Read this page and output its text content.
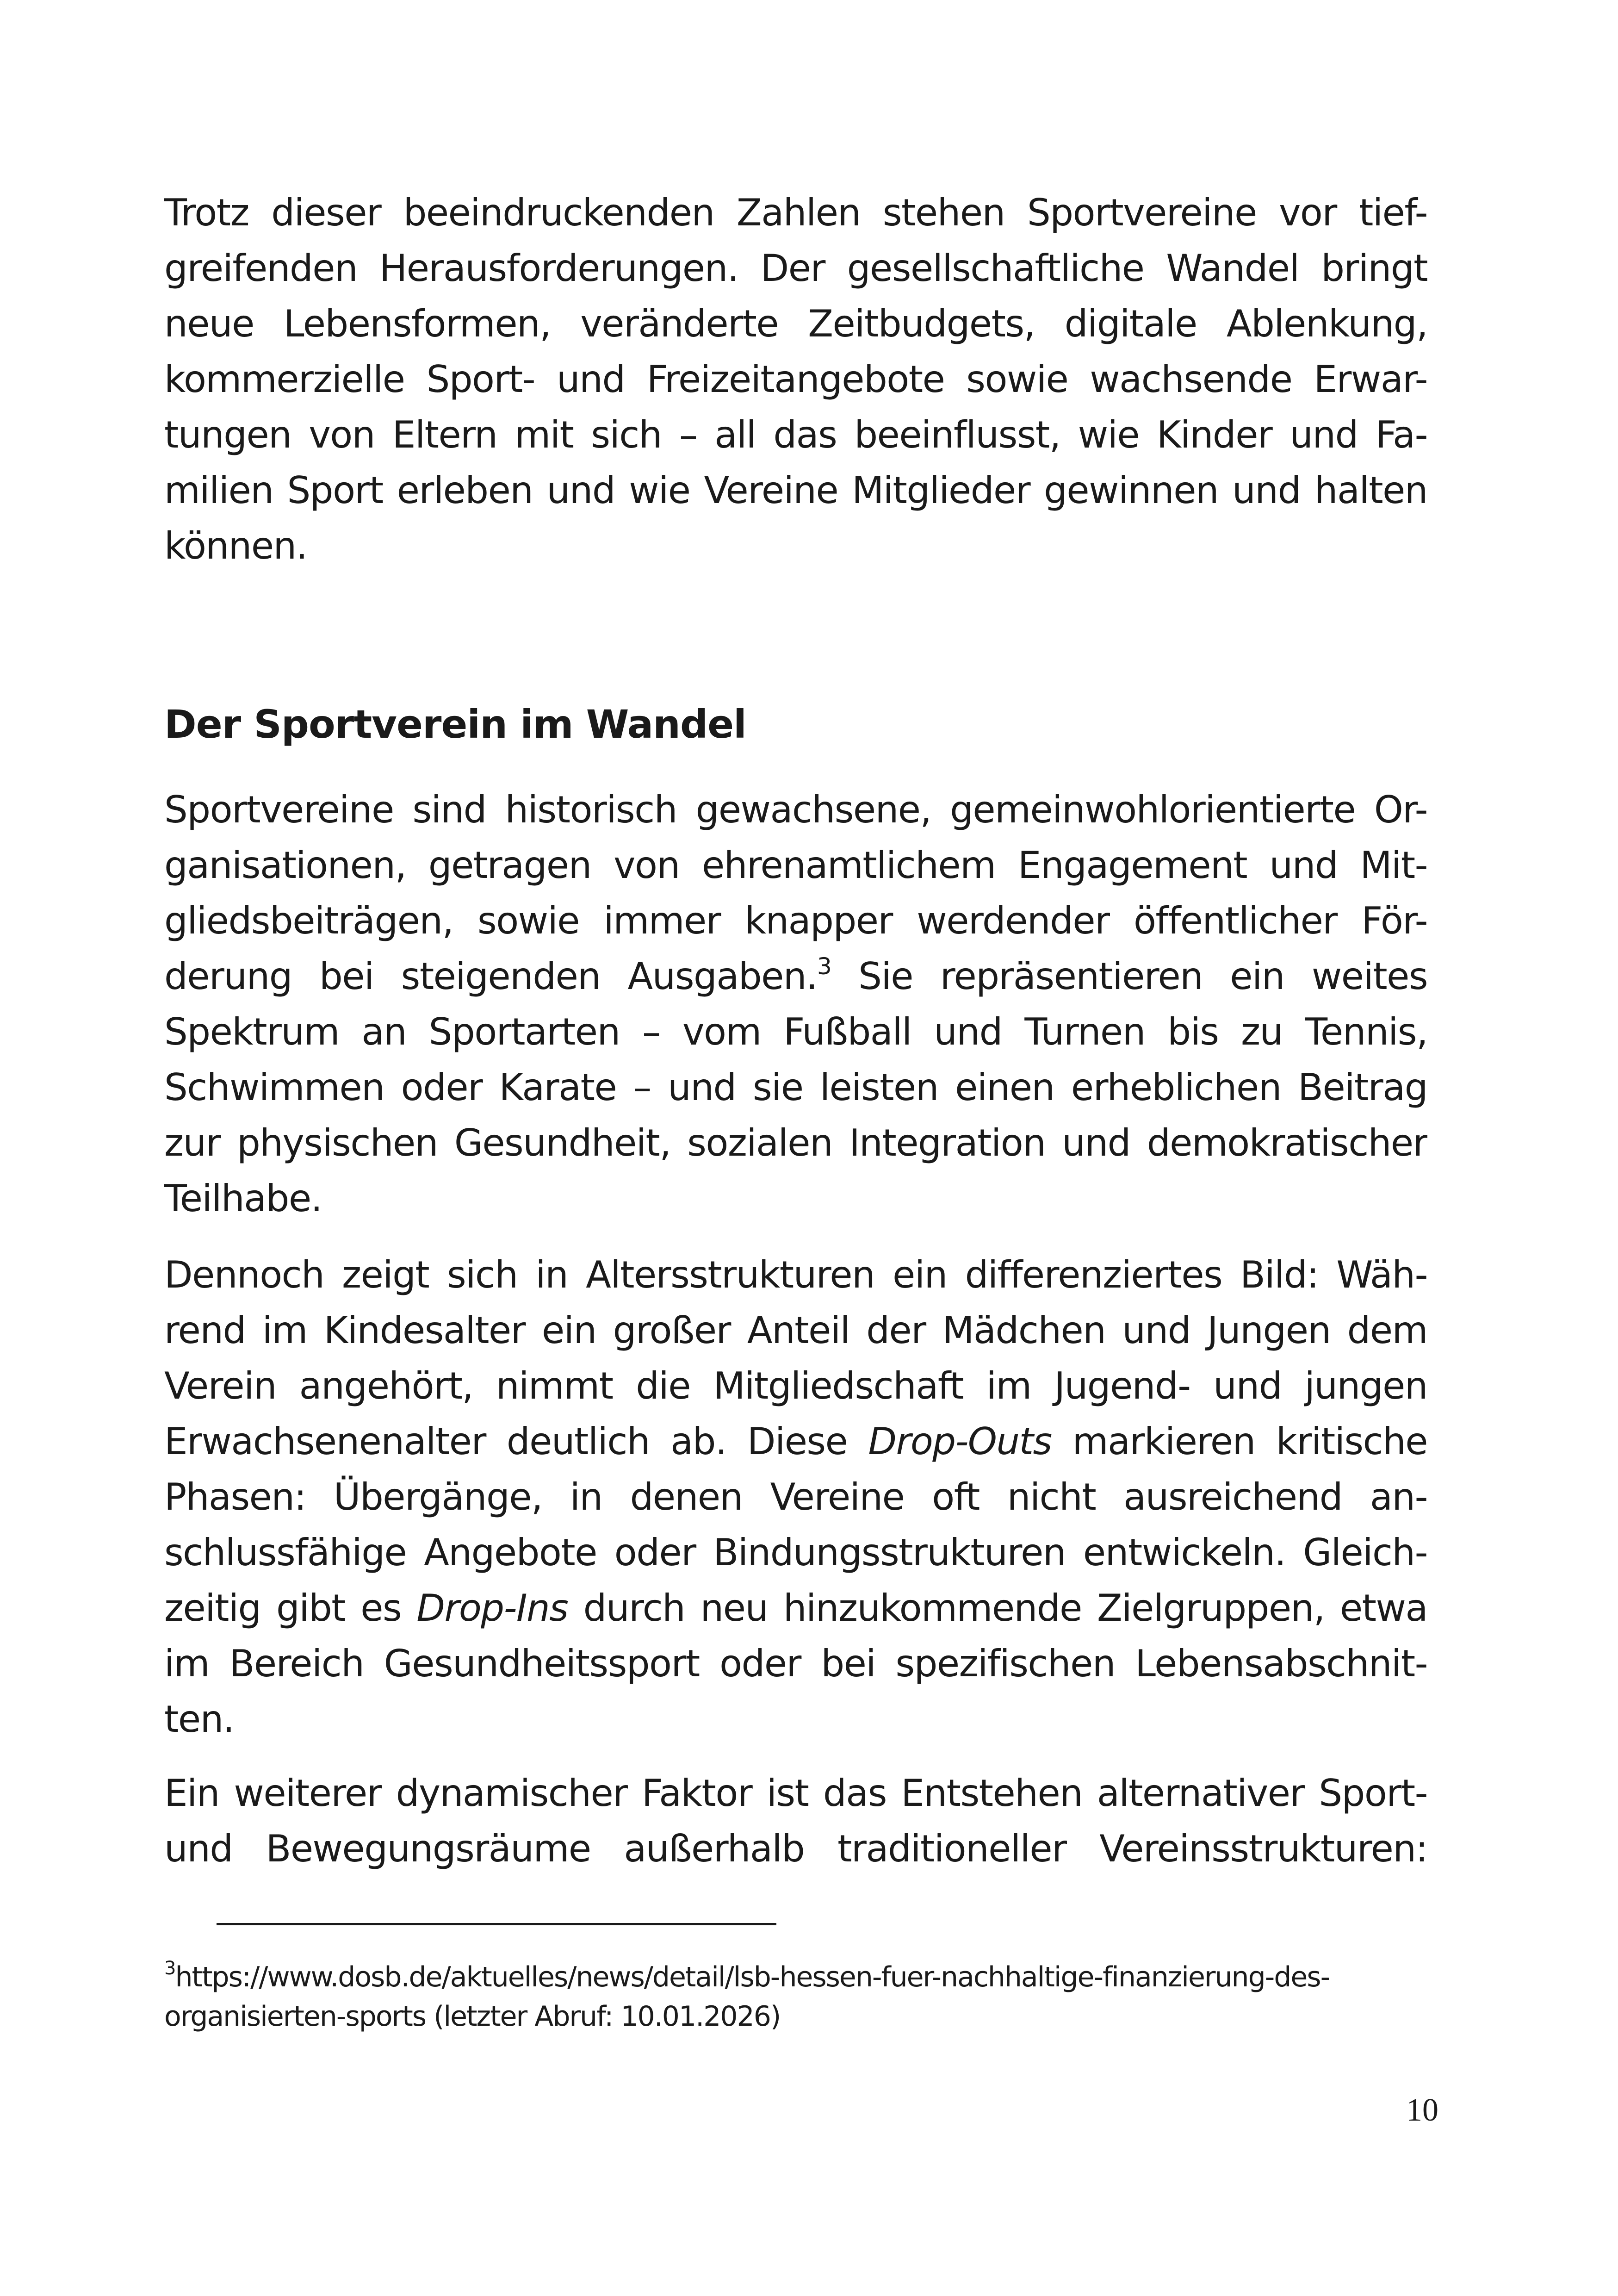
Trotz dieser beeindruckenden Zahlen stehen Sportvereine vor tief-
greifenden Herausforderungen. Der gesellschaftliche Wandel bringt
neue Lebensformen, veränderte Zeitbudgets, digitale Ablenkung,
kommerzielle Sport- und Freizeitangebote sowie wachsende Erwar-
tungen von Eltern mit sich – all das beeinflusst, wie Kinder und Fa-
milien Sport erleben und wie Vereine Mitglieder gewinnen und halten
können.
Der Sportverein im Wandel
Sportvereine sind historisch gewachsene, gemeinwohlorientierte Or-
ganisationen, getragen von ehrenamtlichem Engagement und Mit-
gliedsbeiträgen, sowie immer knapper werdender öffentlicher För-
derung bei steigenden Ausgaben.$^3$ Sie repräsentieren ein weites
Spektrum an Sportarten – vom Fußball und Turnen bis zu Tennis,
Schwimmen oder Karate – und sie leisten einen erheblichen Beitrag
zur physischen Gesundheit, sozialen Integration und demokratischer
Teilhabe.
Dennoch zeigt sich in Altersstrukturen ein differenziertes Bild: Wäh-
rend im Kindesalter ein großer Anteil der Mädchen und Jungen dem
Verein angehört, nimmt die Mitgliedschaft im Jugend- und jungen
Erwachsenenalter deutlich ab. Diese Drop-Outs markieren kritische
Phasen: Übergänge, in denen Vereine oft nicht ausreichend an-
schlussfähige Angebote oder Bindungsstrukturen entwickeln. Gleich-
zeitig gibt es Drop-Ins durch neu hinzukommende Zielgruppen, etwa
im Bereich Gesundheitssport oder bei spezifischen Lebensabschnit-
ten.
Ein weiterer dynamischer Faktor ist das Entstehen alternativer Sport-
und Bewegungsräume außerhalb traditioneller Vereinsstrukturen:
$^3$https://www.dosb.de/aktuelles/news/detail/lsb-hessen-fuer-nachhaltige-finanzierung-des-
organisierten-sports (letzter Abruf: 10.01.2026)
10
